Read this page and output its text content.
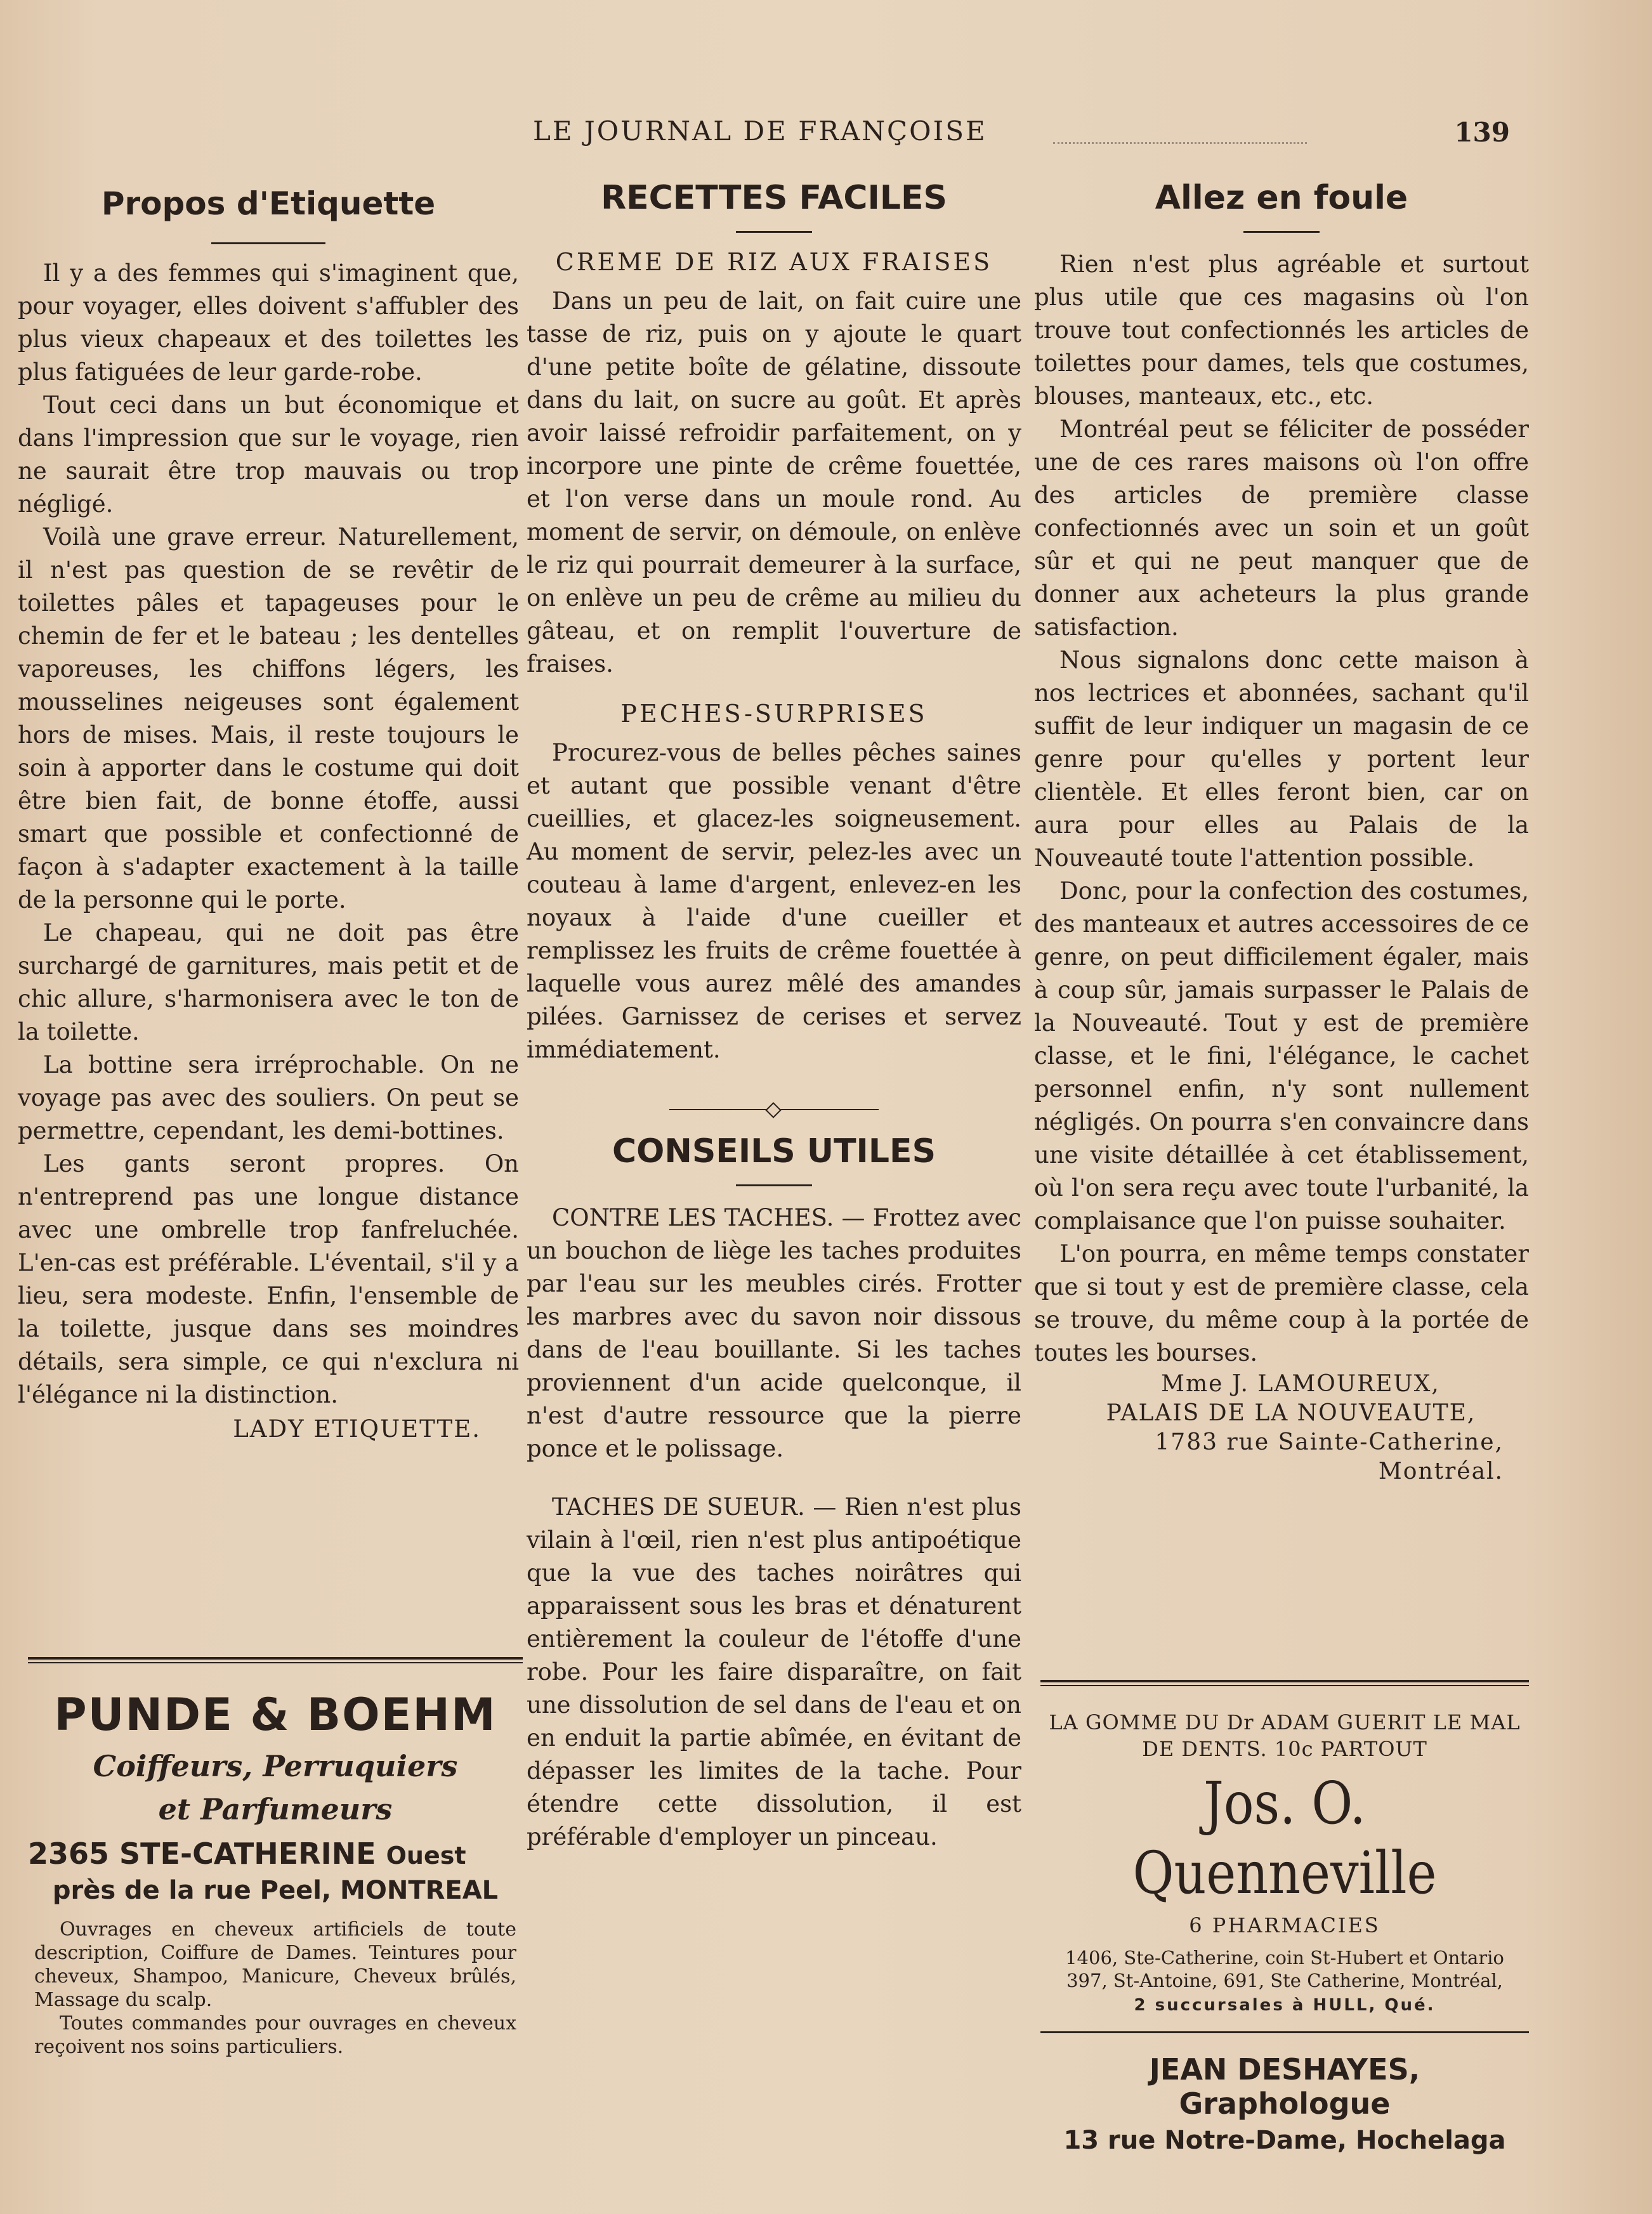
LE JOURNAL DE FRANÇOISE	139
Propos d'Etiquette

Il y a des femmes qui s'imaginent que, pour voyager, elles doivent s'affubler des plus vieux chapeaux et des toilettes les plus fatiguées de leur garde-robe.

Tout ceci dans un but économique et dans l'impression que sur le voyage, rien ne saurait être trop mauvais ou trop négligé.

Voilà une grave erreur. Naturellement, il n'est pas question de se revêtir de toilettes pâles et tapageuses pour le chemin de fer et le bateau ; les dentelles vaporeuses, les chiffons légers, les mousselines neigeuses sont également hors de mises. Mais, il reste toujours le soin à apporter dans le costume qui doit être bien fait, de bonne étoffe, aussi smart que possible et confectionné de façon à s'adapter exactement à la taille de la personne qui le porte.

Le chapeau, qui ne doit pas être surchargé de garnitures, mais petit et de chic allure, s'harmonisera avec le ton de la toilette.

La bottine sera irréprochable. On ne voyage pas avec des souliers. On peut se permettre, cependant, les demi-bottines.

Les gants seront propres. On n'entreprend pas une longue distance avec une ombrelle trop fanfreluchée. L'en-cas est préférable. L'éventail, s'il y a lieu, sera modeste. Enfin, l'ensemble de la toilette, jusque dans ses moindres détails, sera simple, ce qui n'exclura ni l'élégance ni la distinction.

LADY ETIQUETTE.
RECETTES FACILES
CREME DE RIZ AUX FRAISES

Dans un peu de lait, on fait cuire une tasse de riz, puis on y ajoute le quart d'une petite boîte de gélatine, dissoute dans du lait, on sucre au goût. Et après avoir laissé refroidir parfaitement, on y incorpore une pinte de crême fouettée, et l'on verse dans un moule rond. Au moment de servir, on démoule, on enlève le riz qui pourrait demeurer à la surface, on enlève un peu de crême au milieu du gâteau, et on remplit l'ouverture de fraises.

PECHES-SURPRISES

Procurez-vous de belles pêches saines et autant que possible venant d'être cueillies, et glacez-les soigneusement. Au moment de servir, pelez-les avec un couteau à lame d'argent, enlevez-en les noyaux à l'aide d'une cueiller et remplissez les fruits de crême fouettée à laquelle vous aurez mêlé des amandes pilées. Garnissez de cerises et servez immédiatement.

CONSEILS UTILES

CONTRE LES TACHES. — Frottez avec un bouchon de liège les taches produites par l'eau sur les meubles cirés. Frotter les marbres avec du savon noir dissous dans de l'eau bouillante. Si les taches proviennent d'un acide quelconque, il n'est d'autre ressource que la pierre ponce et le polissage.

TACHES DE SUEUR. — Rien n'est plus vilain à l'œil, rien n'est plus antipoétique que la vue des taches noirâtres qui apparaissent sous les bras et dénaturent entièrement la couleur de l'étoffe d'une robe. Pour les faire disparaître, on fait une dissolution de sel dans de l'eau et on en enduit la partie abîmée, en évitant de dépasser les limites de la tache. Pour étendre cette dissolution, il est préférable d'employer un pinceau.

Allez en foule

Rien n'est plus agréable et surtout plus utile que ces magasins où l'on trouve tout confectionnés les articles de toilettes pour dames, tels que costumes, blouses, manteaux, etc., etc.

Montréal peut se féliciter de posséder une de ces rares maisons où l'on offre des articles de première classe confectionnés avec un soin et un goût sûr et qui ne peut manquer que de donner aux acheteurs la plus grande satisfaction.

Nous signalons donc cette maison à nos lectrices et abonnées, sachant qu'il suffit de leur indiquer un magasin de ce genre pour qu'elles y portent leur clientèle. Et elles feront bien, car on aura pour elles au Palais de la Nouveauté toute l'attention possible.

Donc, pour la confection des costumes, des manteaux et autres accessoires de ce genre, on peut difficilement égaler, mais à coup sûr, jamais surpasser le Palais de la Nouveauté. Tout y est de première classe, et le fini, l'élégance, le cachet personnel enfin, n'y sont nullement négligés. On pourra s'en convaincre dans une visite détaillée à cet établissement, où l'on sera reçu avec toute l'urbanité, la complaisance que l'on puisse souhaiter.

L'on pourra, en même temps constater que si tout y est de première classe, cela se trouve, du même coup à la portée de toutes les bourses.

Mme J. LAMOUREUX,
PALAIS DE LA NOUVEAUTE,
1783 rue Sainte-Catherine,
Montréal.
PUNDE & BOEHM
Coiffeurs, Perruquiers
et Parfumeurs
2365 STE-CATHERINE Ouest
près de la rue Peel, MONTREAL

Ouvrages en cheveux artificiels de toute description, Coiffure de Dames. Teintures pour cheveux, Shampoo, Manicure, Cheveux brûlés, Massage du scalp.

Toutes commandes pour ouvrages en cheveux reçoivent nos soins particuliers.

LA GOMME DU Dr ADAM GUERIT LE MAL DE DENTS. 10c PARTOUT
Jos. O. Quenneville
6 PHARMACIES
1406, Ste-Catherine, coin St-Hubert et Ontario
397, St-Antoine, 691, Ste Catherine, Montréal,
2 succursales à HULL, Qué.
JEAN DESHAYES, Graphologue
13 rue Notre-Dame, Hochelaga
